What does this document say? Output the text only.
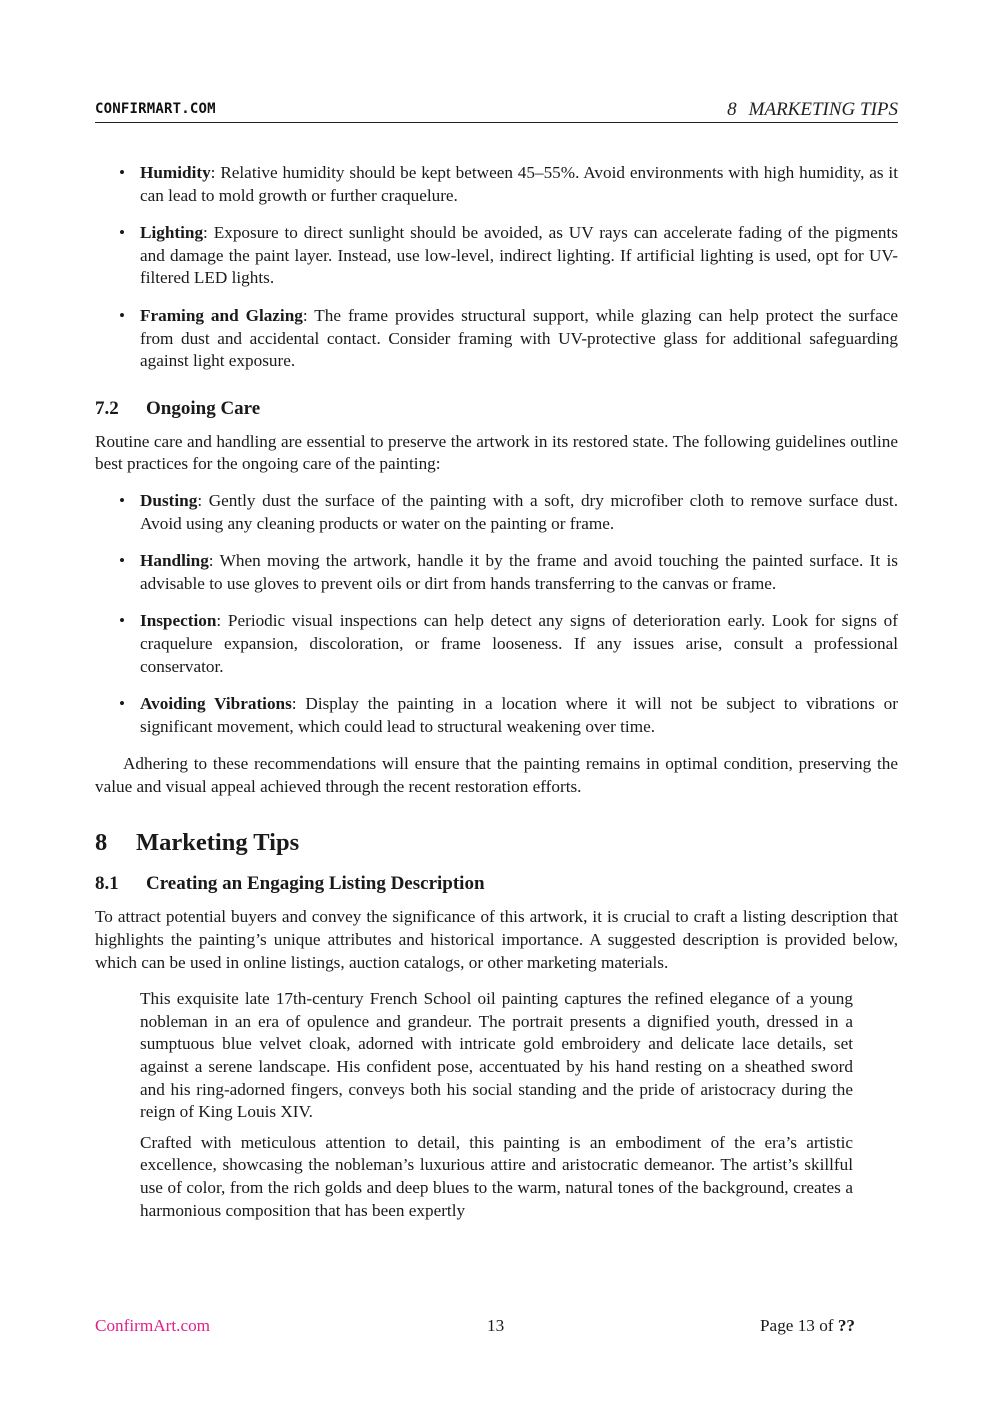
CONFIRMART.COM	8 MARKETING TIPS
• Humidity: Relative humidity should be kept between 45–55%. Avoid environments with high humidity, as it can lead to mold growth or further craquelure.
• Lighting: Exposure to direct sunlight should be avoided, as UV rays can accelerate fading of the pigments and damage the paint layer. Instead, use low-level, indirect lighting. If artificial lighting is used, opt for UV-filtered LED lights.
• Framing and Glazing: The frame provides structural support, while glazing can help protect the surface from dust and accidental contact. Consider framing with UV-protective glass for additional safeguarding against light exposure.
7.2 Ongoing Care

Routine care and handling are essential to preserve the artwork in its restored state. The following guidelines outline best practices for the ongoing care of the painting:

• Dusting: Gently dust the surface of the painting with a soft, dry microfiber cloth to remove surface dust. Avoid using any cleaning products or water on the painting or frame.
• Handling: When moving the artwork, handle it by the frame and avoid touching the painted surface. It is advisable to use gloves to prevent oils or dirt from hands transferring to the canvas or frame.
• Inspection: Periodic visual inspections can help detect any signs of deterioration early. Look for signs of craquelure expansion, discoloration, or frame looseness. If any issues arise, consult a professional conservator.
• Avoiding Vibrations: Display the painting in a location where it will not be subject to vibrations or significant movement, which could lead to structural weakening over time.

Adhering to these recommendations will ensure that the painting remains in optimal condition, preserving the value and visual appeal achieved through the recent restoration efforts.

8 Marketing Tips
8.1 Creating an Engaging Listing Description

To attract potential buyers and convey the significance of this artwork, it is crucial to craft a listing description that highlights the painting’s unique attributes and historical importance. A suggested description is provided below, which can be used in online listings, auction catalogs, or other marketing materials.

This exquisite late 17th-century French School oil painting captures the refined elegance of a young nobleman in an era of opulence and grandeur. The portrait presents a dignified youth, dressed in a sumptuous blue velvet cloak, adorned with intricate gold embroidery and delicate lace details, set against a serene landscape. His confident pose, accentuated by his hand resting on a sheathed sword and his ring-adorned fingers, conveys both his social standing and the pride of aristocracy during the reign of King Louis XIV.

Crafted with meticulous attention to detail, this painting is an embodiment of the era’s artistic excellence, showcasing the nobleman’s luxurious attire and aristocratic demeanor. The artist’s skillful use of color, from the rich golds and deep blues to the warm, natural tones of the background, creates a harmonious composition that has been expertly

ConfirmArt.com	13	Page 13 of ??
